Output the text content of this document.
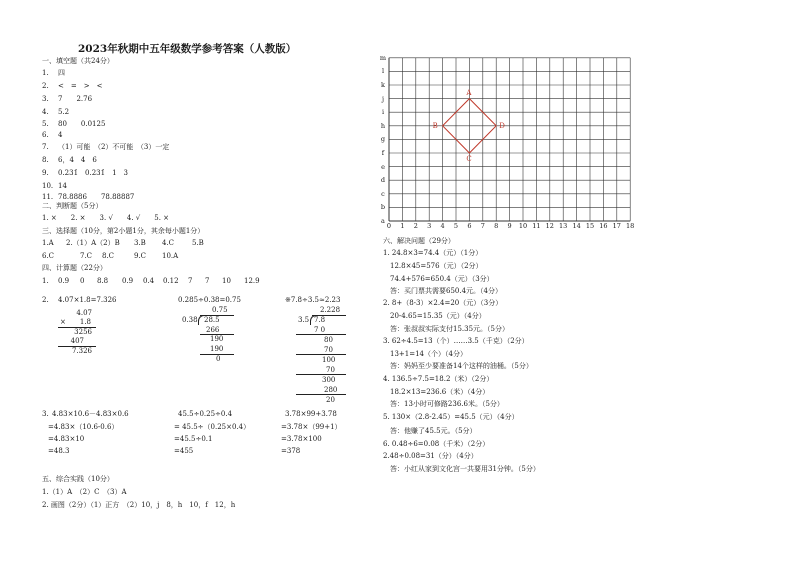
2023年秋期中五年级数学参考答案（人教版）
一、填空题（共24分）
1. 四
2. <　=　>　<
3. 7　　2.76
4. 5.2
5. 80　　0.0125
6. 4
7. （1）可能　（2）不可能　（3）一定
8. 6，4　4　6
9. 0.231̇　0.231̇　1　3
10. 14
11. 78.8886　　78.88887
二、判断题（5分）
1. ×　　2. ×　　3. √　　4. √　　5. ×
三、选择题（10分，第2小题1分，其余每小题1分）
1.A 2.（1）A（2）B 3.B 4.C	5.B
6.C	7.C 8.C	9.C 10.A
四、计算题（22分）
1. 0.9 0 8.8 0.9 0.4 0.12 7 7 10 12.9
2. 4.07×1.8=7.326
4.07
×　　1.8
3256
407
7.326
0.285÷0.38=0.75
0.75
0.38 28.5
266
190
190
0
※7.8÷3.5≈2.23
2.228
3.5 7.8
7 0
80
70
100
70
300
280
20
3. 4.83×10.6－4.83×0.6
=4.83×（10.6-0.6）
=4.83×10
=48.3
45.5÷0.25÷0.4
= 45.5÷（0.25×0.4）
=45.5÷0.1
=455
3.78×99+3.78
=3.78×（99+1）
=3.78×100
=378
五、综合实践（10分）
1.（1）A　（2）C　（3）A
2. 画图（2分）（1）正方　（2）10，j　8，h　10，f　12，h
a
b
c
d
e
f
g
h
i
j
k
l
m
0	1	2	3	4	5	6	7	8	9	10 11 12 13 14 15 16 17 18
A
B
C
D
六、解决问题（29分）
1. 24.8×3=74.4（元）（1分）
12.8×45=576（元）（2分）
74.4+576=650.4（元）（3分）
答：买门票共需要650.4元。（4分）
2. 8+（8-3）×2.4=20（元）（3分）
20-4.65=15.35（元）（4分）
答：张叔叔实际支付15.35元。（5分）
3. 62÷4.5=13（个）……3.5（千克）（2分）
13+1=14（个）（4分）
答：妈妈至少要准备14个这样的油桶。（5分）
4. 136.5÷7.5=18.2（米）（2分）
18.2×13=236.6（米）（4分）
答：13小时可修路236.6米。（5分）
5. 130×（2.8-2.45）=45.5（元）（4分）
答：他赚了45.5元。（5分）
6. 0.48÷6=0.08（千米）（2分）
2.48÷0.08=31（分）（4分）
答：小红从家到文化宫一共要用31分钟。（5分）
